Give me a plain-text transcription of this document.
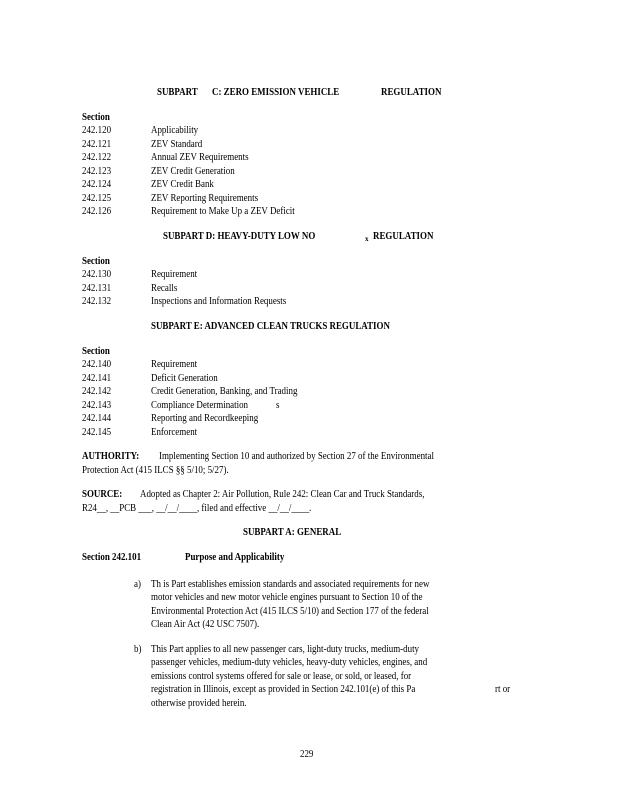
SUBPART C: ZERO EMISSION VEHICLE	REGULATION
Section
242.120	Applicability
242.121	ZEV Standard
242.122	Annual ZEV Requirements
242.123	ZEV Credit Generation
242.124	ZEV Credit Bank
242.125	ZEV Reporting Requirements
242.126	Requirement to Make Up a ZEV Deficit
SUBPART D: HEAVY-DUTY LOW NO	x REGULATION
Section
242.130	Requirement
242.131	Recalls
242.132	Inspections and Information Requests
SUBPART E: ADVANCED CLEAN TRUCKS REGULATION
Section
242.140	Requirement
242.141	Deficit Generation
242.142	Credit Generation, Banking, and Trading
242.143	Compliance Determination	s
242.144	Reporting and Recordkeeping
242.145	Enforcement
AUTHORITY: Implementing Section 10 and authorized by Section 27 of the Environmental
Protection Act (415 ILCS §§ 5/10; 5/27).
SOURCE: Adopted as Chapter 2: Air Pollution, Rule 242: Clean Car and Truck Standards,
R24__, __PCB ___, __/__/____, filed and effective __/__/____.
SUBPART A: GENERAL
Section 242.101	Purpose and Applicability
a) Th is Part establishes emission standards and associated requirements for new
motor vehicles and new motor vehicle engines pursuant to Section 10 of the
Environmental Protection Act (415 ILCS 5/10) and Section 177 of the federal
Clean Air Act (42 USC 7507).
b) This Part applies to all new passenger cars, light-duty trucks, medium-duty
passenger vehicles, medium-duty vehicles, heavy-duty vehicles, engines, and
emissions control systems offered for sale or lease, or sold, or leased, for
registration in Illinois, except as provided in Section 242.101(e) of this Pa	rt or
otherwise provided herein.
229
